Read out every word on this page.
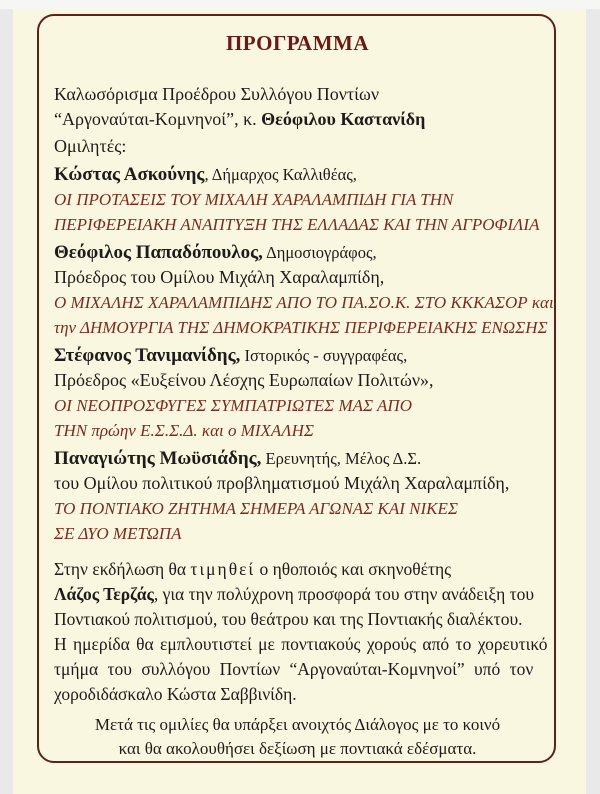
ΠΡΟΓΡΑΜΜΑ
Καλωσόρισμα Προέδρου Συλλόγου Ποντίων
“Αργοναύται-Κομνηνοί”, κ. Θεόφιλου Καστανίδη
Ομιλητές:
Κώστας Ασκούνης, Δήμαρχος Καλλιθέας,
ΟΙ ΠΡΟΤΑΣΕΙΣ ΤΟΥ ΜΙΧΑΛΗ ΧΑΡΑΛΑΜΠΙΔΗ ΓΙΑ ΤΗΝ
ΠΕΡΙΦΕΡΕΙΑΚΗ ΑΝΑΠΤΥΞΗ ΤΗΣ ΕΛΛΑΔΑΣ ΚΑΙ ΤΗΝ ΑΓΡΟΦΙΛΙΑ
Θεόφιλος Παπαδόπουλος, Δημοσιογράφος,
Πρόεδρος του Ομίλου Μιχάλη Χαραλαμπίδη,
Ο ΜΙΧΑΛΗΣ ΧΑΡΑΛΑΜΠΙΔΗΣ ΑΠΟ ΤΟ ΠΑ.ΣΟ.Κ. ΣΤΟ ΚΚΚΑΣΟΡ και
την ΔΗΜΟΥΡΓΙΑ ΤΗΣ ΔΗΜΟΚΡΑΤΙΚΗΣ ΠΕΡΙΦΕΡΕΙΑΚΗΣ ΕΝΩΣΗΣ
Στέφανος Τανιμανίδης, Ιστορικός - συγγραφέας,
Πρόεδρος «Ευξείνου Λέσχης Ευρωπαίων Πολιτών»,
ΟΙ ΝΕΟΠΡΟΣΦΥΓΕΣ ΣΥΜΠΑΤΡΙΩΤΕΣ ΜΑΣ ΑΠΟ
ΤΗΝ πρώην Ε.Σ.Σ.Δ. και ο ΜΙΧΑΛΗΣ
Παναγιώτης Μωϋσιάδης, Ερευνητής, Μέλος Δ.Σ.
του Ομίλου πολιτικού προβληματισμού Μιχάλη Χαραλαμπίδη,
ΤΟ ΠΟΝΤΙΑΚΟ ΖΗΤΗΜΑ ΣΗΜΕΡΑ ΑΓΩΝΑΣ ΚΑΙ ΝΙΚΕΣ
ΣΕ ΔΥΟ ΜΕΤΩΠΑ
Στην εκδήλωση θα τιμηθεί ο ηθοποιός και σκηνοθέτης
Λάζος Τερζάς, για την πολύχρονη προσφορά του στην ανάδειξη του
Ποντιακού πολιτισμού, του θεάτρου και της Ποντιακής διαλέκτου.
Η ημερίδα θα εμπλουτιστεί με ποντιακούς χορούς από το χορευτικό
τμήμα του συλλόγου Ποντίων “Αργοναύται-Κομνηνοί” υπό τον
χοροδιδάσκαλο Κώστα Σαββινίδη.
Μετά τις ομιλίες θα υπάρξει ανοιχτός Διάλογος με το κοινό
και θα ακολουθήσει δεξίωση με ποντιακά εδέσματα.
